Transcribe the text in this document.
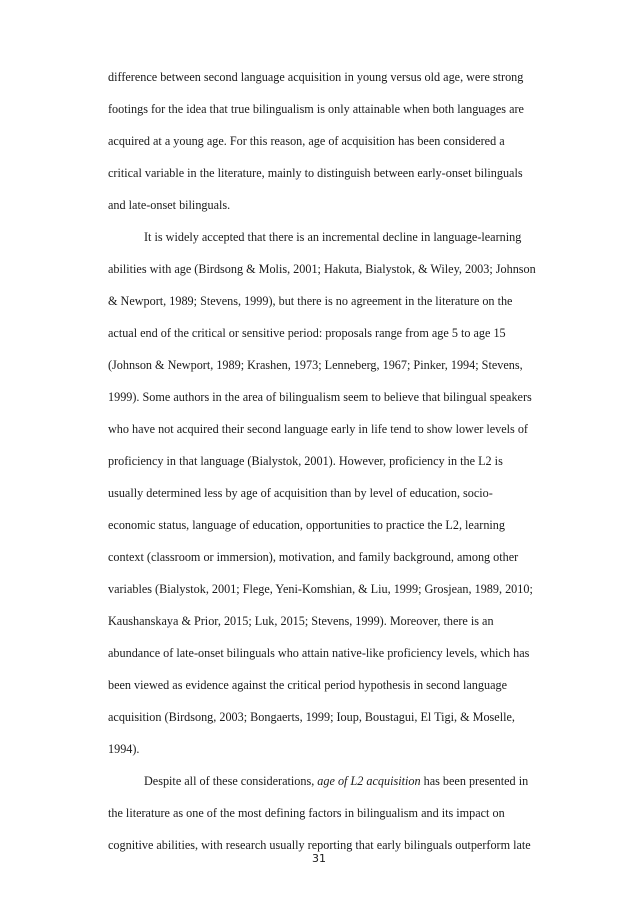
difference between second language acquisition in young versus old age, were strong
footings for the idea that true bilingualism is only attainable when both languages are
acquired at a young age. For this reason, age of acquisition has been considered a
critical variable in the literature, mainly to distinguish between early-onset bilinguals
and late-onset bilinguals.
It is widely accepted that there is an incremental decline in language-learning
abilities with age (Birdsong & Molis, 2001; Hakuta, Bialystok, & Wiley, 2003; Johnson
& Newport, 1989; Stevens, 1999), but there is no agreement in the literature on the
actual end of the critical or sensitive period: proposals range from age 5 to age 15
(Johnson & Newport, 1989; Krashen, 1973; Lenneberg, 1967; Pinker, 1994; Stevens,
1999). Some authors in the area of bilingualism seem to believe that bilingual speakers
who have not acquired their second language early in life tend to show lower levels of
proficiency in that language (Bialystok, 2001). However, proficiency in the L2 is
usually determined less by age of acquisition than by level of education, socio-
economic status, language of education, opportunities to practice the L2, learning
context (classroom or immersion), motivation, and family background, among other
variables (Bialystok, 2001; Flege, Yeni-Komshian, & Liu, 1999; Grosjean, 1989, 2010;
Kaushanskaya & Prior, 2015; Luk, 2015; Stevens, 1999). Moreover, there is an
abundance of late-onset bilinguals who attain native-like proficiency levels, which has
been viewed as evidence against the critical period hypothesis in second language
acquisition (Birdsong, 2003; Bongaerts, 1999; Ioup, Boustagui, El Tigi, & Moselle,
1994).
Despite all of these considerations, age of L2 acquisition has been presented in
the literature as one of the most defining factors in bilingualism and its impact on
cognitive abilities, with research usually reporting that early bilinguals outperform late
31
